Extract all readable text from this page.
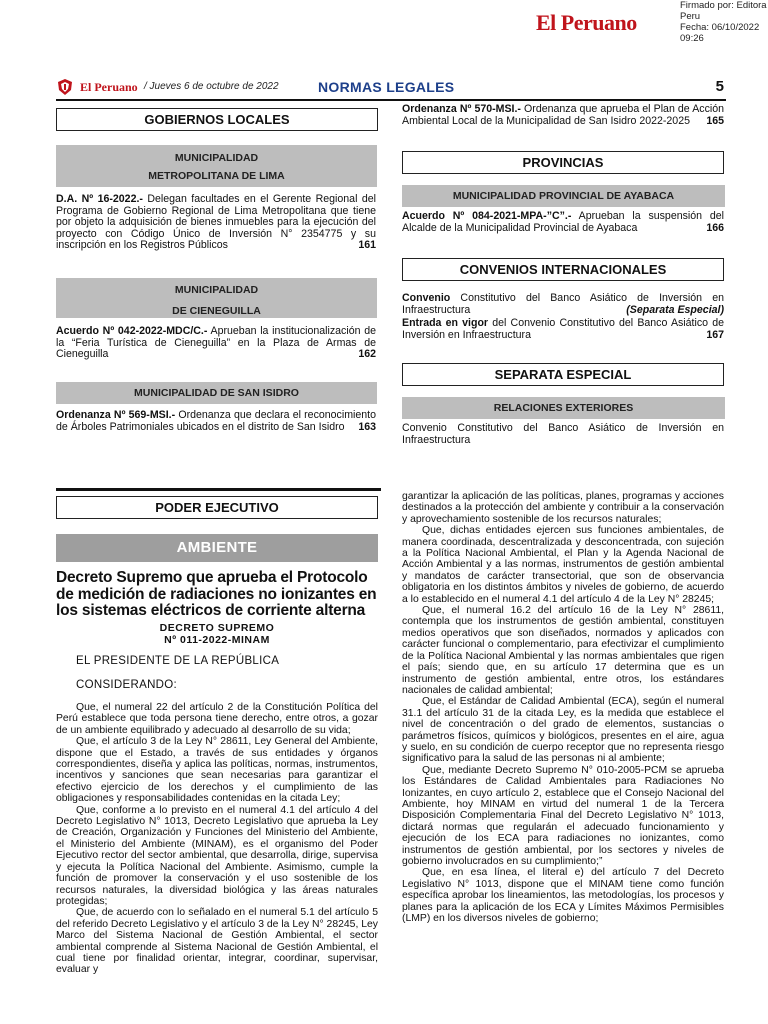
Firmado por: Editora
Peru
Fecha: 06/10/2022 09:26
El Peruano
El Peruano / Jueves 6 de octubre de 2022	NORMAS LEGALES	5
GOBIERNOS LOCALES
MUNICIPALIDAD
METROPOLITANA DE LIMA
D.A. Nº 16-2022.- Delegan facultades en el Gerente Regional del Programa de Gobierno Regional de Lima Metropolitana que tiene por objeto la adquisición de bienes inmuebles para la ejecución del proyecto con Código Único de Inversión N° 2354775 y su inscripción en los Registros Públicos	161
MUNICIPALIDAD
DE CIENEGUILLA
Acuerdo Nº 042-2022-MDC/C.- Aprueban la institucionalización de la “Feria Turística de Cieneguilla” en la Plaza de Armas de Cieneguilla	162
MUNICIPALIDAD DE SAN ISIDRO
Ordenanza Nº 569-MSI.- Ordenanza que declara el reconocimiento de Árboles Patrimoniales ubicados en el distrito de San Isidro 163
Ordenanza Nº 570-MSI.- Ordenanza que aprueba el Plan de Acción Ambiental Local de la Municipalidad de San Isidro 2022-2025 165
PROVINCIAS
MUNICIPALIDAD PROVINCIAL DE AYABACA
Acuerdo Nº 084-2021-MPA-”C”.- Aprueban la suspensión del Alcalde de la Municipalidad Provincial de Ayabaca	166
CONVENIOS INTERNACIONALES
Convenio Constitutivo del Banco Asiático de Inversión en Infraestructura	(Separata Especial)
Entrada en vigor del Convenio Constitutivo del Banco Asiático de Inversión en Infraestructura	167
SEPARATA ESPECIAL
RELACIONES EXTERIORES
Convenio Constitutivo del Banco Asiático de Inversión en Infraestructura
PODER EJECUTIVO
AMBIENTE
Decreto Supremo que aprueba el Protocolo de medición de radiaciones no ionizantes en los sistemas eléctricos de corriente alterna
DECRETO SUPREMO
Nº 011-2022-MINAM
EL PRESIDENTE DE LA REPÚBLICA
CONSIDERANDO:

Que, el numeral 22 del artículo 2 de la Constitución Política del Perú establece que toda persona tiene derecho, entre otros, a gozar de un ambiente equilibrado y adecuado al desarrollo de su vida;

Que, el artículo 3 de la Ley N° 28611, Ley General del Ambiente, dispone que el Estado, a través de sus entidades y órganos correspondientes, diseña y aplica las políticas, normas, instrumentos, incentivos y sanciones que sean necesarias para garantizar el efectivo ejercicio de los derechos y el cumplimiento de las obligaciones y responsabilidades contenidas en la citada Ley;

Que, conforme a lo previsto en el numeral 4.1 del artículo 4 del Decreto Legislativo N° 1013, Decreto Legislativo que aprueba la Ley de Creación, Organización y Funciones del Ministerio del Ambiente, el Ministerio del Ambiente (MINAM), es el organismo del Poder Ejecutivo rector del sector ambiental, que desarrolla, dirige, supervisa y ejecuta la Política Nacional del Ambiente. Asimismo, cumple la función de promover la conservación y el uso sostenible de los recursos naturales, la diversidad biológica y las áreas naturales protegidas;

Que, de acuerdo con lo señalado en el numeral 5.1 del artículo 5 del referido Decreto Legislativo y el artículo 3 de la Ley N° 28245, Ley Marco del Sistema Nacional de Gestión Ambiental, el sector ambiental comprende al Sistema Nacional de Gestión Ambiental, el cual tiene por finalidad orientar, integrar, coordinar, supervisar, evaluar y

garantizar la aplicación de las políticas, planes, programas y acciones destinados a la protección del ambiente y contribuir a la conservación y aprovechamiento sostenible de los recursos naturales;

Que, dichas entidades ejercen sus funciones ambientales, de manera coordinada, descentralizada y desconcentrada, con sujeción a la Política Nacional Ambiental, el Plan y la Agenda Nacional de Acción Ambiental y a las normas, instrumentos de gestión ambiental y mandatos de carácter transectorial, que son de observancia obligatoria en los distintos ámbitos y niveles de gobierno, de acuerdo a lo establecido en el numeral 4.1 del artículo 4 de la Ley N° 28245;

Que, el numeral 16.2 del artículo 16 de la Ley N° 28611, contempla que los instrumentos de gestión ambiental, constituyen medios operativos que son diseñados, normados y aplicados con carácter funcional o complementario, para efectivizar el cumplimiento de la Política Nacional Ambiental y las normas ambientales que rigen el país; siendo que, en su artículo 17 determina que es un instrumento de gestión ambiental, entre otros, los estándares nacionales de calidad ambiental;

Que, el Estándar de Calidad Ambiental (ECA), según el numeral 31.1 del artículo 31 de la citada Ley, es la medida que establece el nivel de concentración o del grado de elementos, sustancias o parámetros físicos, químicos y biológicos, presentes en el aire, agua y suelo, en su condición de cuerpo receptor que no representa riesgo significativo para la salud de las personas ni al ambiente;

Que, mediante Decreto Supremo N° 010-2005-PCM se aprueba los Estándares de Calidad Ambientales para Radiaciones No Ionizantes, en cuyo artículo 2, establece que el Consejo Nacional del Ambiente, hoy MINAM en virtud del numeral 1 de la Tercera Disposición Complementaria Final del Decreto Legislativo N° 1013, dictará normas que regularán el adecuado funcionamiento y ejecución de los ECA para radiaciones no ionizantes, como instrumentos de gestión ambiental, por los sectores y niveles de gobierno involucrados en su cumplimiento;”

Que, en esa línea, el literal e) del artículo 7 del Decreto Legislativo N° 1013, dispone que el MINAM tiene como función específica aprobar los lineamientos, las metodologías, los procesos y planes para la aplicación de los ECA y Límites Máximos Permisibles (LMP) en los diversos niveles de gobierno;
